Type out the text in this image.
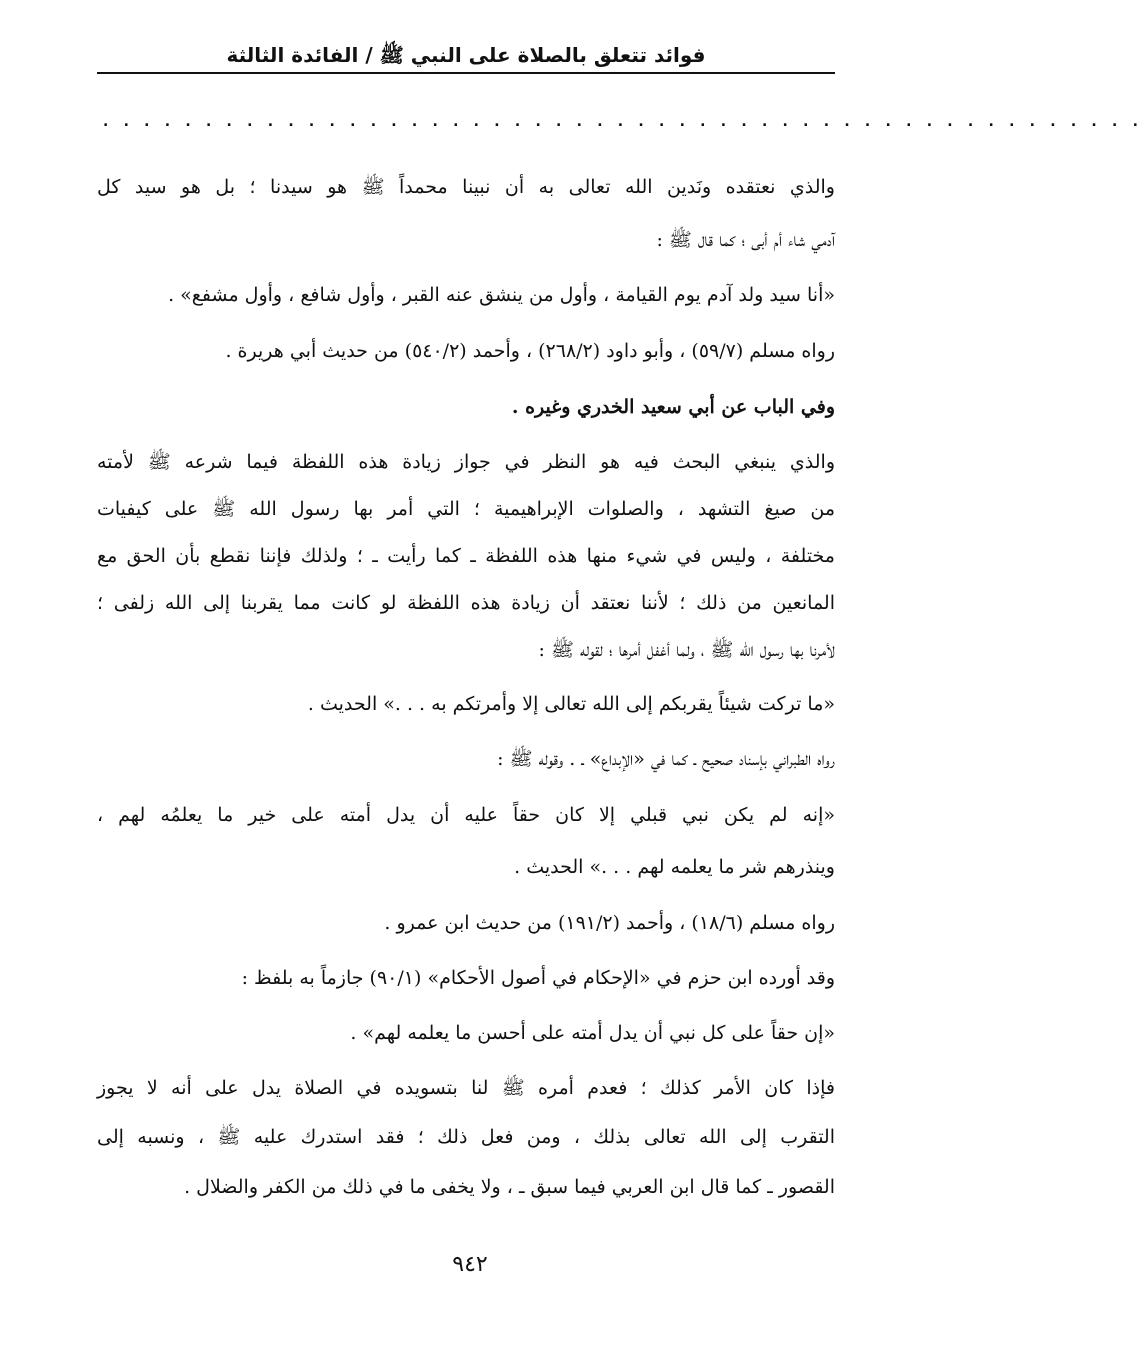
فوائد تتعلق بالصلاة على النبي ﷺ / الفائدة الثالثة
. . . . . . . . . . . . . . . . . . . . . . . . . . . . . . . . . . . . . . . . . . . . . . . . . . .
والذي نعتقده ونَدين الله تعالى به أن نبينا محمداً ﷺ هو سيدنا ؛ بل هو سيد كل
آدمي شاء أم أبى ؛ كما قال ﷺ :
«أنا سيد ولد آدم يوم القيامة ، وأول من ينشق عنه القبر ، وأول شافع ، وأول مشفع» .
رواه مسلم (٥٩/٧) ، وأبو داود (٢٦٨/٢) ، وأحمد (٥٤٠/٢) من حديث أبي هريرة .
وفي الباب عن أبي سعيد الخدري وغيره .
والذي ينبغي البحث فيه هو النظر في جواز زيادة هذه اللفظة فيما شرعه ﷺ لأمته
من صيغ التشهد ، والصلوات الإبراهيمية ؛ التي أمر بها رسول الله ﷺ على كيفيات
مختلفة ، وليس في شيء منها هذه اللفظة ـ كما رأيت ـ ؛ ولذلك فإننا نقطع بأن الحق مع
المانعين من ذلك ؛ لأننا نعتقد أن زيادة هذه اللفظة لو كانت مما يقربنا إلى الله زلفى ؛
لأمرنا بها رسول الله ﷺ ، ولما أغفل أمرها ؛ لقوله ﷺ :
«ما تركت شيئاً يقربكم إلى الله تعالى إلا وأمرتكم به . . .» الحديث .
رواه الطبراني بإسناد صحيح ـ كما في «الإبداع» ـ . وقوله ﷺ :
«إنه لم يكن نبي قبلي إلا كان حقاً عليه أن يدل أمته على خير ما يعلمُه لهم ،
وينذرهم شر ما يعلمه لهم . . .» الحديث .
رواه مسلم (١٨/٦) ، وأحمد (١٩١/٢) من حديث ابن عمرو .
وقد أورده ابن حزم في «الإحكام في أصول الأحكام» (٩٠/١) جازماً به بلفظ :
«إن حقاً على كل نبي أن يدل أمته على أحسن ما يعلمه لهم» .
فإذا كان الأمر كذلك ؛ فعدم أمره ﷺ لنا بتسويده في الصلاة يدل على أنه لا يجوز
التقرب إلى الله تعالى بذلك ، ومن فعل ذلك ؛ فقد استدرك عليه ﷺ ، ونسبه إلى
القصور ـ كما قال ابن العربي فيما سبق ـ ، ولا يخفى ما في ذلك من الكفر والضلال .
٩٤٢
